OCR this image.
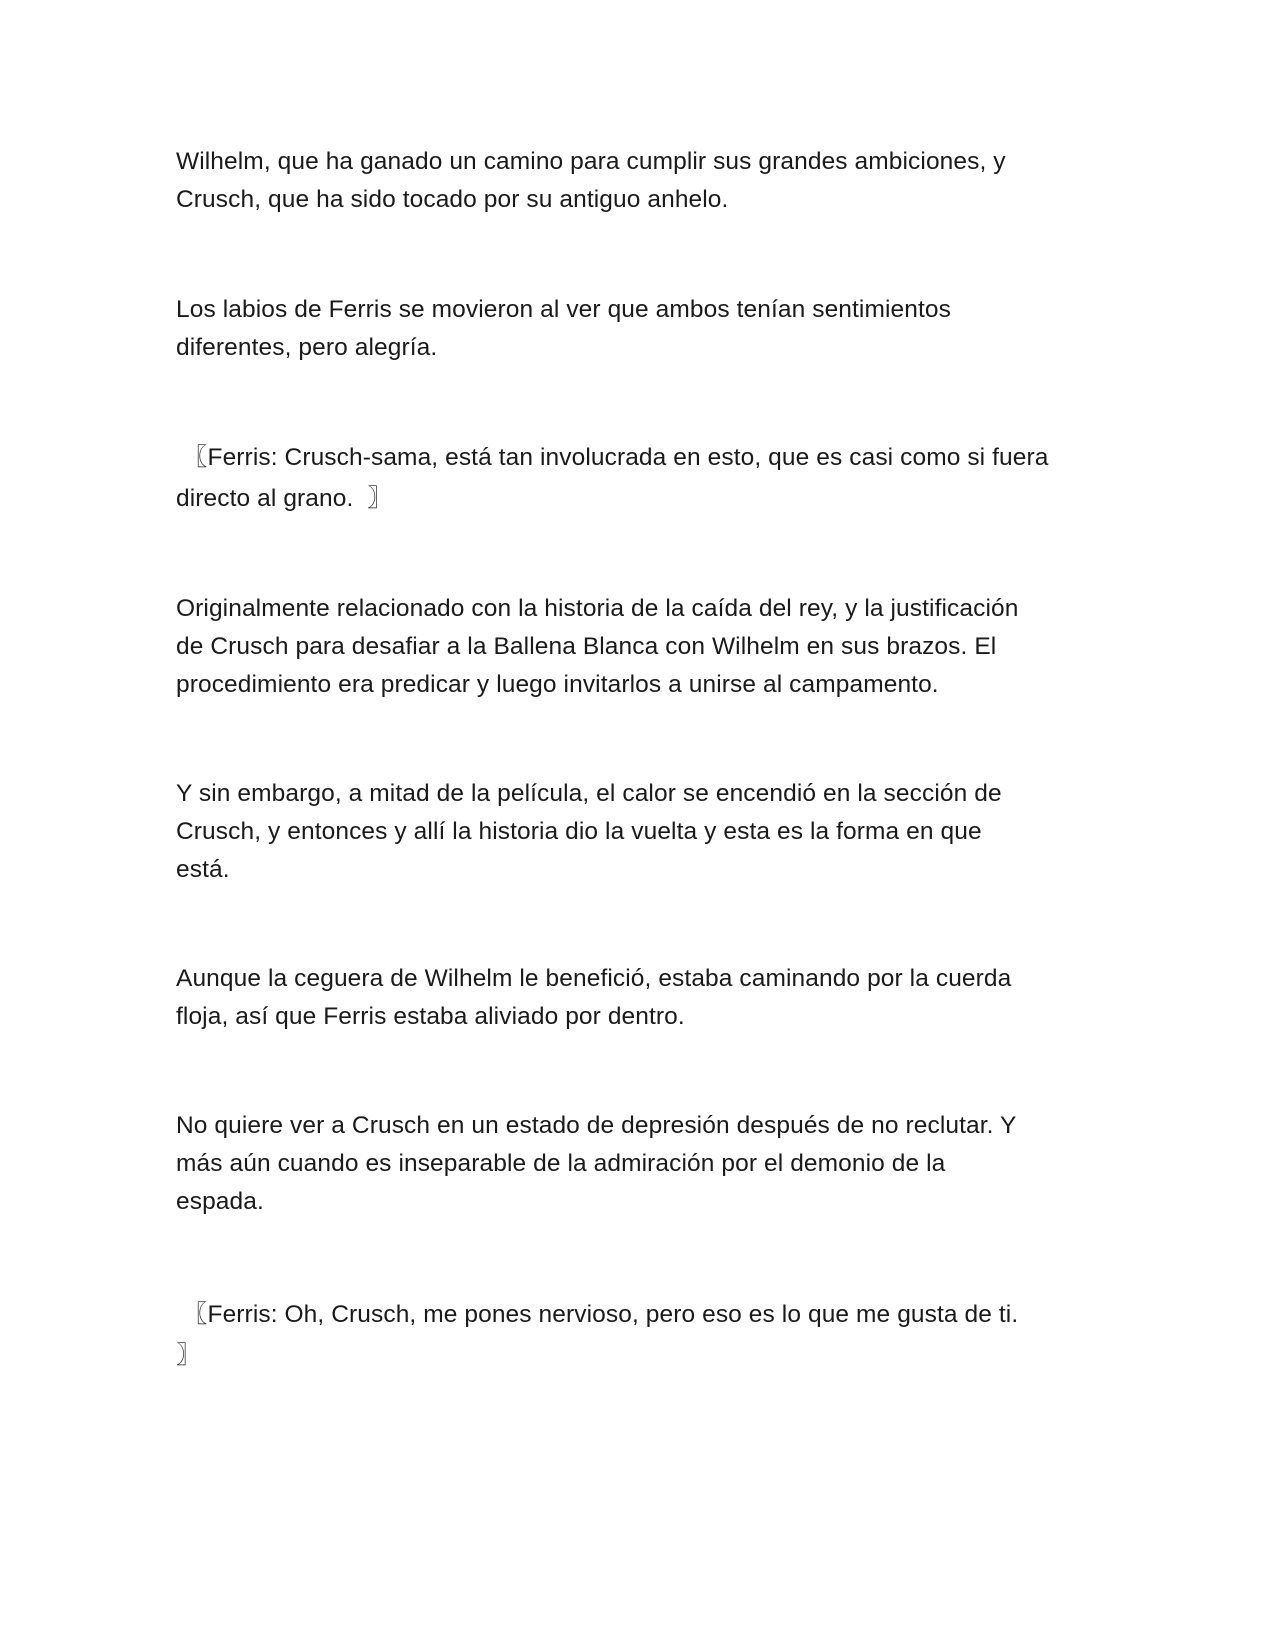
Wilhelm, que ha ganado un camino para cumplir sus grandes ambiciones, y
Crusch, que ha sido tocado por su antiguo anhelo.

Los labios de Ferris se movieron al ver que ambos tenían sentimientos
diferentes, pero alegría.

〖Ferris: Crusch-sama, está tan involucrada en esto, que es casi como si fuera
directo al grano.  〗

Originalmente relacionado con la historia de la caída del rey, y la justificación
de Crusch para desafiar a la Ballena Blanca con Wilhelm en sus brazos. El
procedimiento era predicar y luego invitarlos a unirse al campamento.

Y sin embargo, a mitad de la película, el calor se encendió en la sección de
Crusch, y entonces y allí la historia dio la vuelta y esta es la forma en que
está.

Aunque la ceguera de Wilhelm le benefició, estaba caminando por la cuerda
floja, así que Ferris estaba aliviado por dentro.

No quiere ver a Crusch en un estado de depresión después de no reclutar. Y
más aún cuando es inseparable de la admiración por el demonio de la
espada.

〖Ferris: Oh, Crusch, me pones nervioso, pero eso es lo que me gusta de ti.
〗
